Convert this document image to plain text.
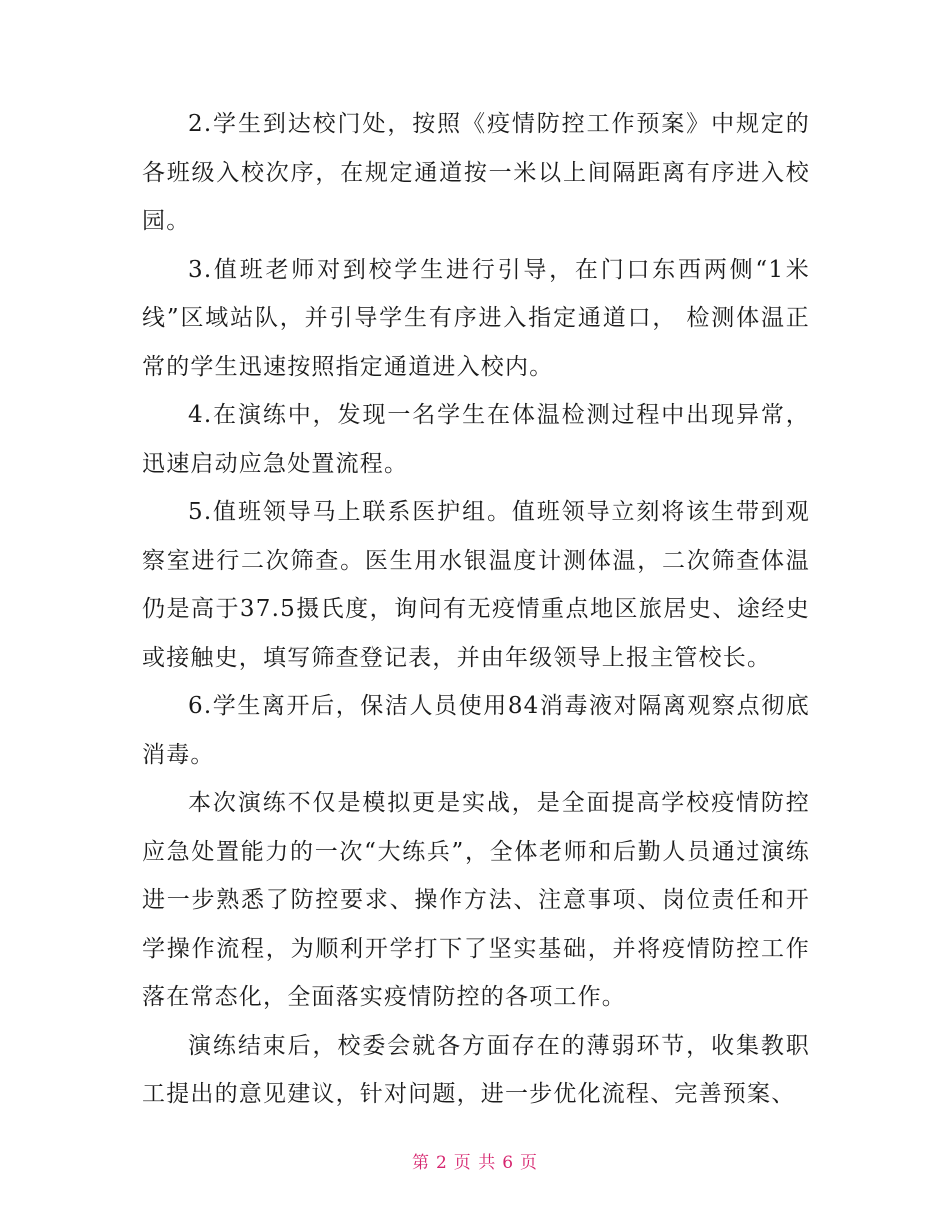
2.学生到达校门处，按照《疫情防控工作预案》中规定的各班级入校次序，在规定通道按一米以上间隔距离有序进入校园。

3.值班老师对到校学生进行引导，在门口东西两侧“1米线”区域站队，并引导学生有序进入指定通道口， 检测体温正常的学生迅速按照指定通道进入校内。

4.在演练中，发现一名学生在体温检测过程中出现异常，迅速启动应急处置流程。

5.值班领导马上联系医护组。值班领导立刻将该生带到观察室进行二次筛查。医生用水银温度计测体温，二次筛查体温仍是高于37.5摄氏度，询问有无疫情重点地区旅居史、途经史或接触史，填写筛查登记表，并由年级领导上报主管校长。

6.学生离开后，保洁人员使用84消毒液对隔离观察点彻底消毒。

本次演练不仅是模拟更是实战，是全面提高学校疫情防控应急处置能力的一次“大练兵”，全体老师和后勤人员通过演练进一步熟悉了防控要求、操作方法、注意事项、岗位责任和开学操作流程，为顺利开学打下了坚实基础，并将疫情防控工作落在常态化，全面落实疫情防控的各项工作。

演练结束后，校委会就各方面存在的薄弱环节，收集教职工提出的意见建议，针对问题，进一步优化流程、完善预案、

第 2 页 共 6 页
